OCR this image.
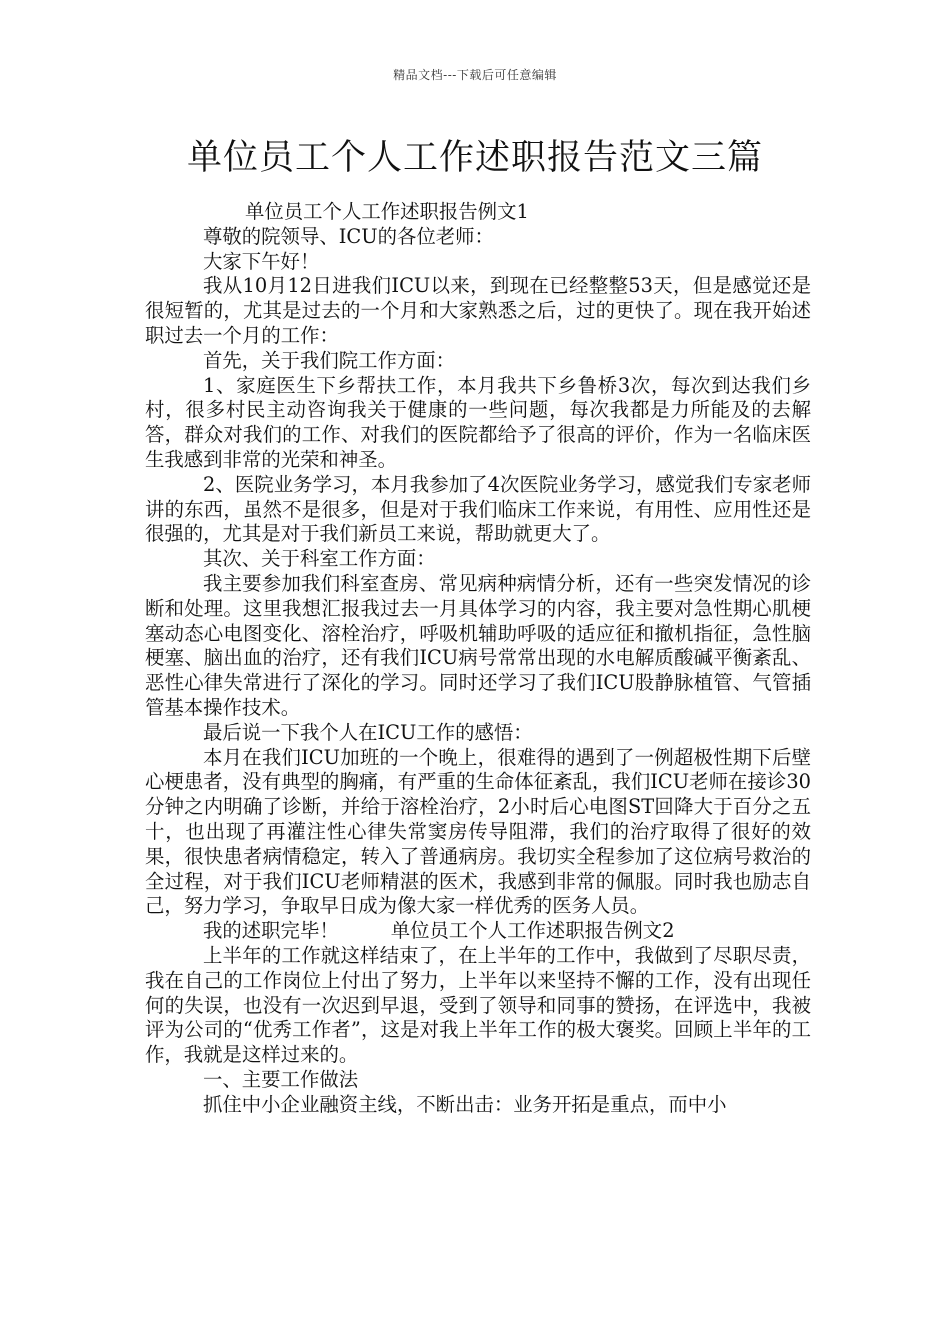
精品文档---下载后可任意编辑
单位员工个人工作述职报告范文三篇

单位员工个人工作述职报告例文1

尊敬的院领导、ICU的各位老师：

大家下午好！

我从10月12日进我们ICU以来，到现在已经整整53天，但是感觉还是很短暂的，尤其是过去的一个月和大家熟悉之后，过的更快了。现在我开始述职过去一个月的工作：

首先，关于我们院工作方面：

1、家庭医生下乡帮扶工作，本月我共下乡鲁桥3次，每次到达我们乡村，很多村民主动咨询我关于健康的一些问题，每次我都是力所能及的去解答，群众对我们的工作、对我们的医院都给予了很高的评价，作为一名临床医生我感到非常的光荣和神圣。

2、医院业务学习，本月我参加了4次医院业务学习，感觉我们专家老师讲的东西，虽然不是很多，但是对于我们临床工作来说，有用性、应用性还是很强的，尤其是对于我们新员工来说，帮助就更大了。

其次、关于科室工作方面：

我主要参加我们科室查房、常见病种病情分析，还有一些突发情况的诊断和处理。这里我想汇报我过去一月具体学习的内容，我主要对急性期心肌梗塞动态心电图变化、溶栓治疗，呼吸机辅助呼吸的适应征和撤机指征，急性脑梗塞、脑出血的治疗，还有我们ICU病号常常出现的水电解质酸碱平衡紊乱、恶性心律失常进行了深化的学习。同时还学习了我们ICU股静脉植管、气管插管基本操作技术。

最后说一下我个人在ICU工作的感悟：

本月在我们ICU加班的一个晚上，很难得的遇到了一例超极性期下后壁心梗患者，没有典型的胸痛，有严重的生命体征紊乱，我们ICU老师在接诊30分钟之内明确了诊断，并给于溶栓治疗，2小时后心电图ST回降大于百分之五十，也出现了再灌注性心律失常窦房传导阻滞，我们的治疗取得了很好的效果，很快患者病情稳定，转入了普通病房。我切实全程参加了这位病号救治的全过程，对于我们ICU老师精湛的医术，我感到非常的佩服。同时我也励志自己，努力学习，争取早日成为像大家一样优秀的医务人员。

我的述职完毕！	单位员工个人工作述职报告例文2

上半年的工作就这样结束了，在上半年的工作中，我做到了尽职尽责，我在自己的工作岗位上付出了努力，上半年以来坚持不懈的工作，没有出现任何的失误，也没有一次迟到早退，受到了领导和同事的赞扬，在评选中，我被评为公司的“优秀工作者”，这是对我上半年工作的极大褒奖。回顾上半年的工作，我就是这样过来的。

一、主要工作做法

抓住中小企业融资主线，不断出击：业务开拓是重点，而中小
